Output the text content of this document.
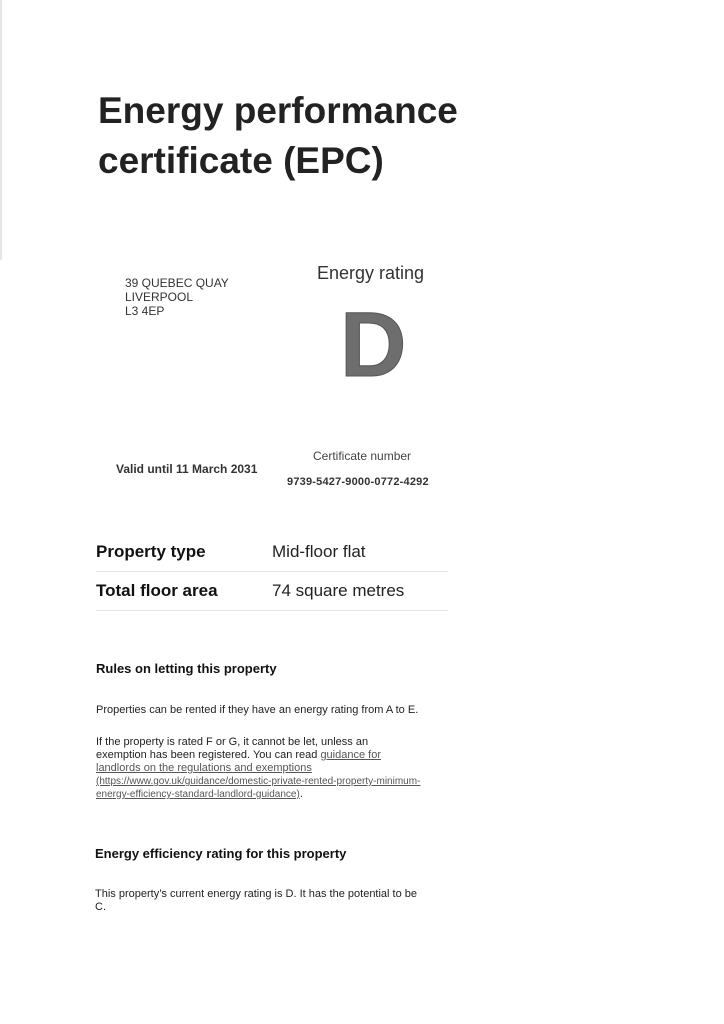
Energy performance
certificate (EPC)
39 QUEBEC QUAY
LIVERPOOL
L3 4EP
Energy rating
D
Valid until 11 March 2031
Certificate number
9739-5427-9000-0772-4292
Property type	Mid-floor flat
Total floor area	74 square metres
Rules on letting this property

Properties can be rented if they have an energy rating from A to E.

If the property is rated F or G, it cannot be let, unless an
exemption has been registered. You can read guidance for
landlords on the regulations and exemptions
(https://www.gov.uk/guidance/domestic-private-rented-property-minimum-
energy-efficiency-standard-landlord-guidance).
Energy efficiency rating for this property
This property’s current energy rating is D. It has the potential to be
C.
